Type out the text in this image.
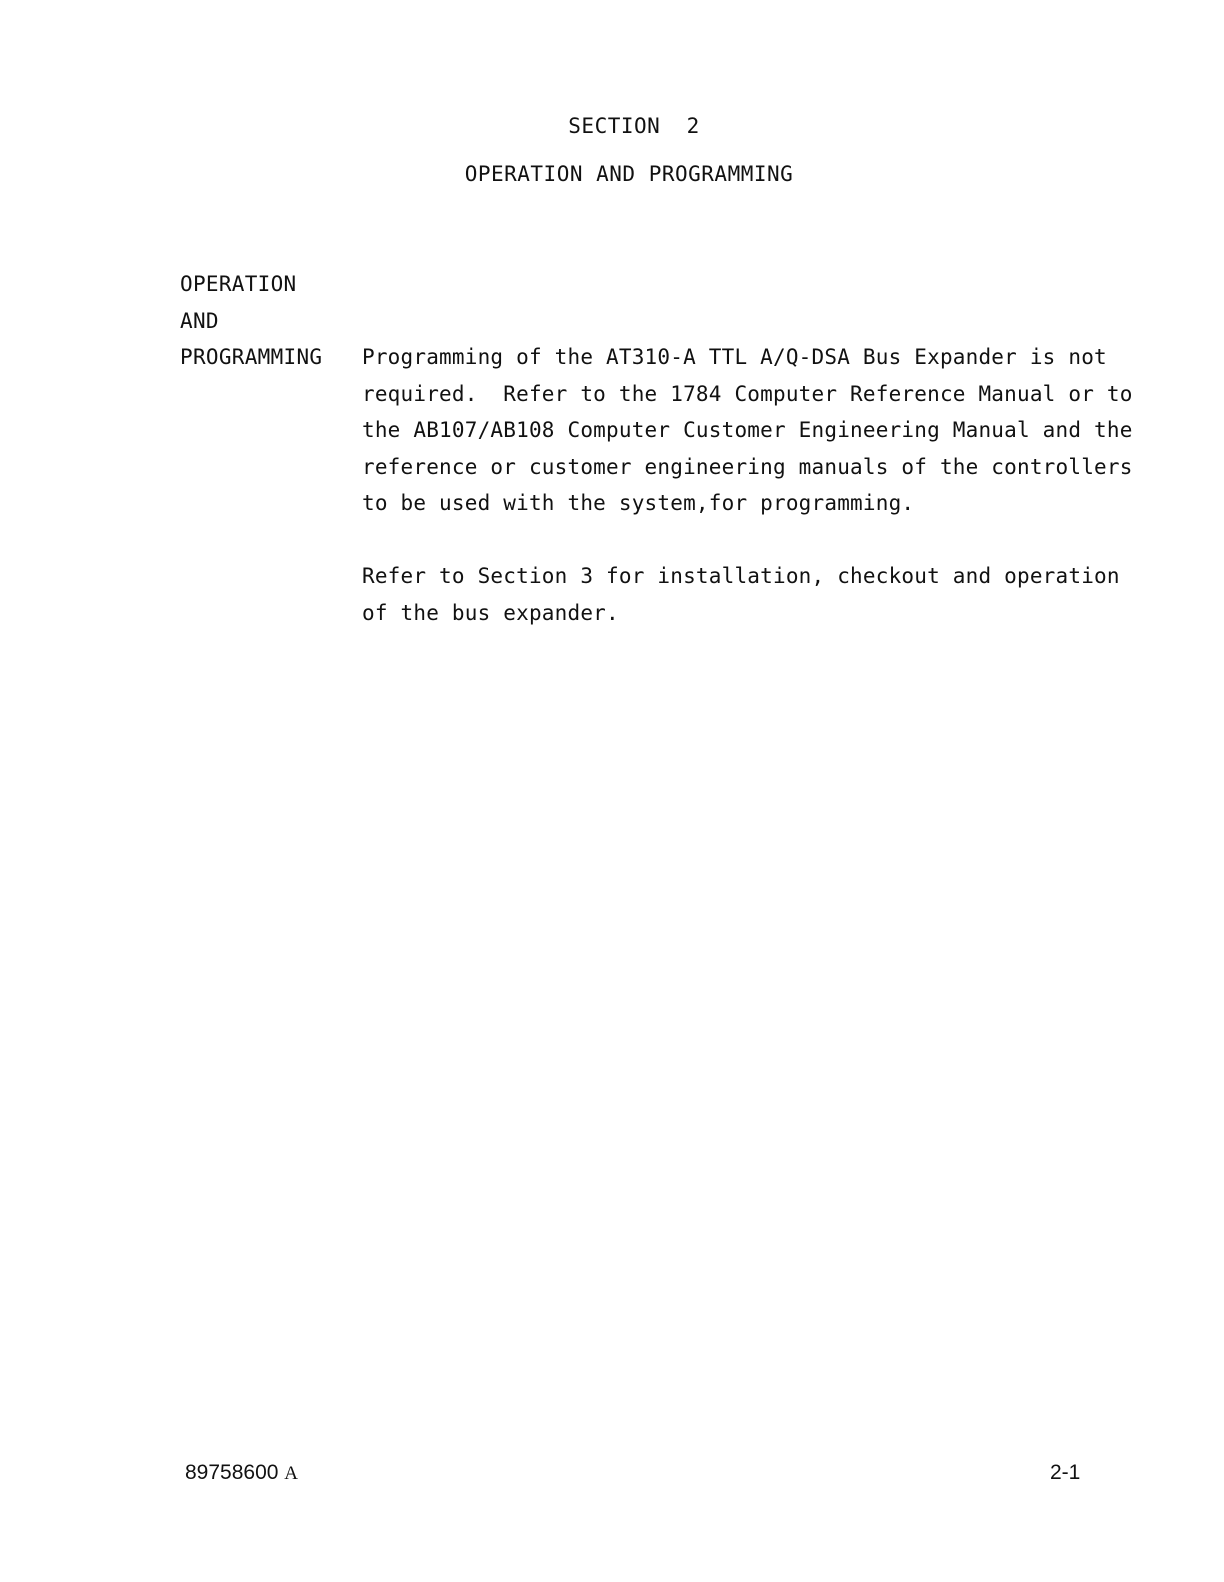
SECTION  2
OPERATION AND PROGRAMMING
OPERATION
AND
PROGRAMMING Programming of the AT310-A TTL A/Q-DSA Bus Expander is not
required.  Refer to the 1784 Computer Reference Manual or to
the AB107/AB108 Computer Customer Engineering Manual and the
reference or customer engineering manuals of the controllers
to be used with the system,for programming.
Refer to Section 3 for installation, checkout and operation
of the bus expander.
89758600 A	2-1
